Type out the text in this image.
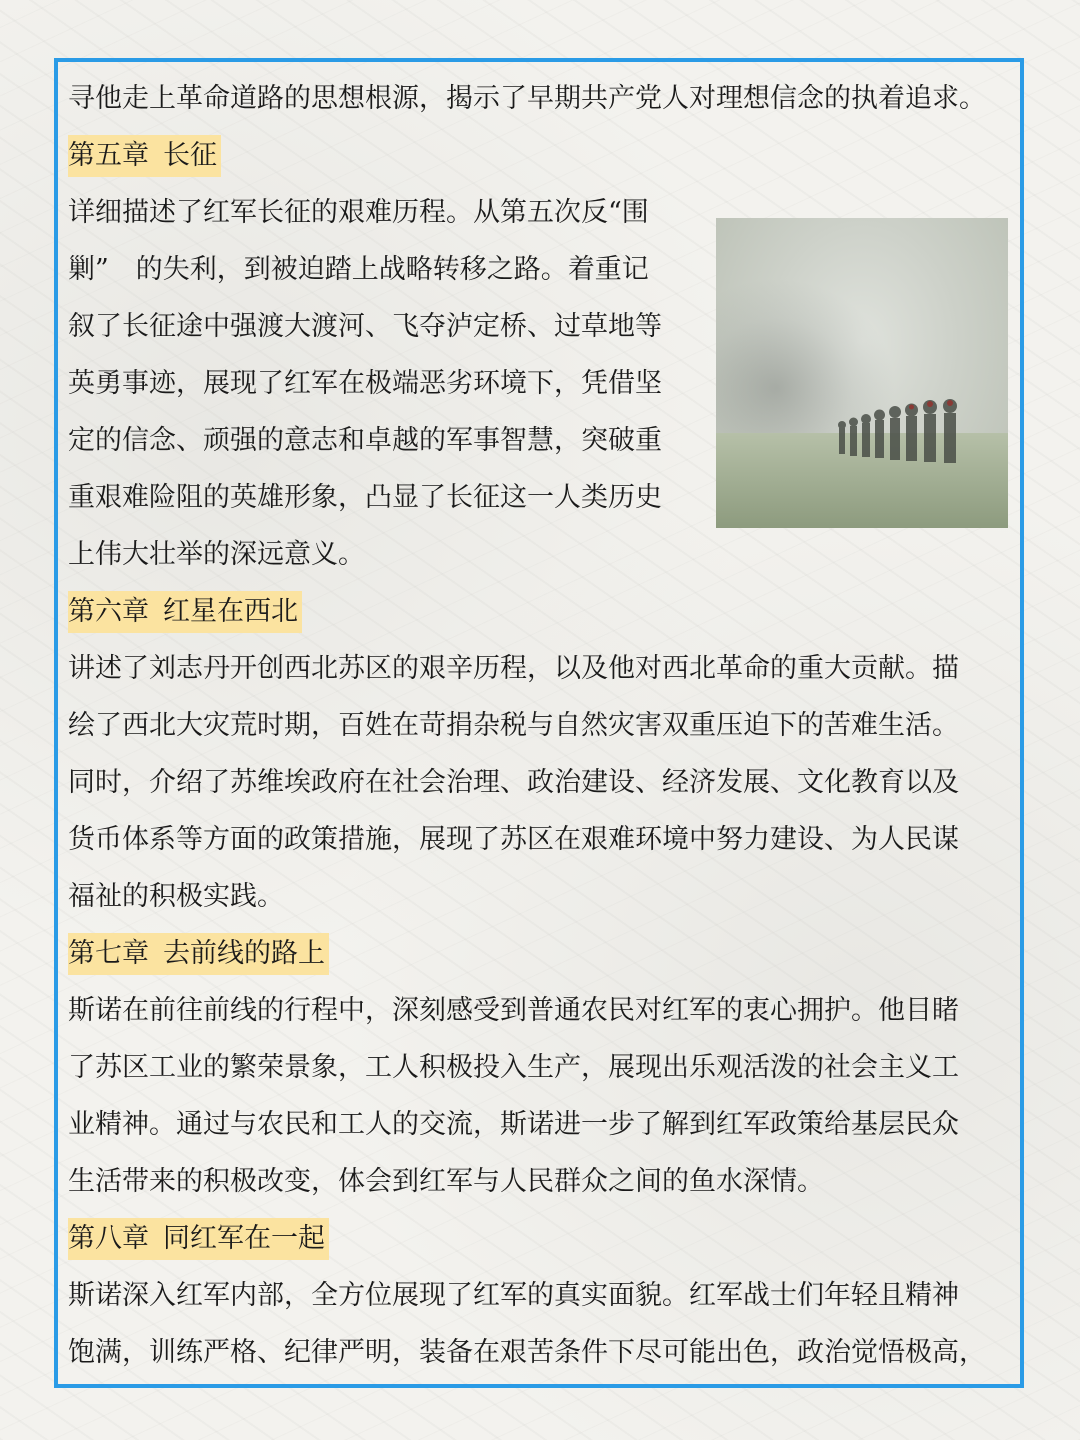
寻他走上革命道路的思想根源，揭示了早期共产党人对理想信念的执着追求。
第五章 长征
详细描述了红军长征的艰难历程。从第五次反“围
剿”　的失利，到被迫踏上战略转移之路。着重记
叙了长征途中强渡大渡河、飞夺泸定桥、过草地等
英勇事迹，展现了红军在极端恶劣环境下，凭借坚
定的信念、顽强的意志和卓越的军事智慧，突破重
重艰难险阻的英雄形象，凸显了长征这一人类历史
上伟大壮举的深远意义。
第六章 红星在西北
讲述了刘志丹开创西北苏区的艰辛历程，以及他对西北革命的重大贡献。描
绘了西北大灾荒时期，百姓在苛捐杂税与自然灾害双重压迫下的苦难生活。
同时，介绍了苏维埃政府在社会治理、政治建设、经济发展、文化教育以及
货币体系等方面的政策措施，展现了苏区在艰难环境中努力建设、为人民谋
福祉的积极实践。
第七章 去前线的路上
斯诺在前往前线的行程中，深刻感受到普通农民对红军的衷心拥护。他目睹
了苏区工业的繁荣景象，工人积极投入生产，展现出乐观活泼的社会主义工
业精神。通过与农民和工人的交流，斯诺进一步了解到红军政策给基层民众
生活带来的积极改变，体会到红军与人民群众之间的鱼水深情。
第八章 同红军在一起
斯诺深入红军内部，全方位展现了红军的真实面貌。红军战士们年轻且精神
饱满，训练严格、纪律严明，装备在艰苦条件下尽可能出色，政治觉悟极高，
